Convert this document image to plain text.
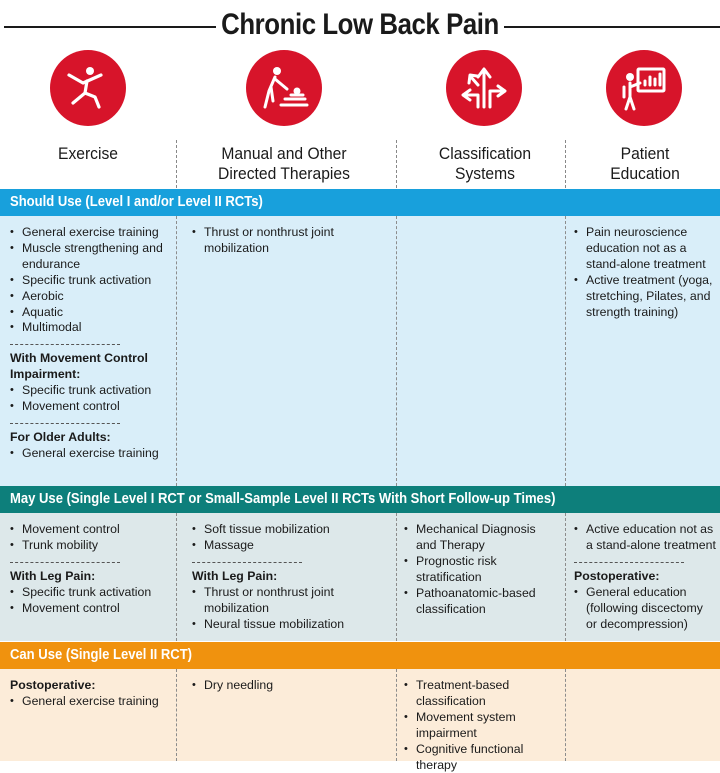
Chronic Low Back Pain
Exercise	Manual and Other
Directed Therapies
Classification
Systems
Patient
Education
Should Use (Level I and/or Level II RCTs)
• General exercise training
• Muscle strengthening and endurance
• Specific trunk activation
• Aerobic
• Aquatic
• Multimodal
With Movement Control Impairment:
• Specific trunk activation
• Movement control
For Older Adults:
• General exercise training
• Thrust or nonthrust joint mobilization
• Pain neuroscience education not as a stand-alone treatment
• Active treatment (yoga, stretching, Pilates, and strength training)
May Use (Single Level I RCT or Small-Sample Level II RCTs With Short Follow-up Times)
• Movement control
• Trunk mobility
With Leg Pain:
• Specific trunk activation
• Movement control
• Soft tissue mobilization
• Massage
With Leg Pain:
• Thrust or nonthrust joint mobilization
• Neural tissue mobilization
• Mechanical Diagnosis and Therapy
• Prognostic risk stratification
• Pathoanatomic-based classification
• Active education not as a stand-alone treatment
Postoperative:
• General education (following discectomy or decompression)
Can Use (Single Level II RCT)
Postoperative:
• General exercise training
• Dry needling
•	Treatment-based classification
• Movement system impairment
• Cognitive functional therapy
